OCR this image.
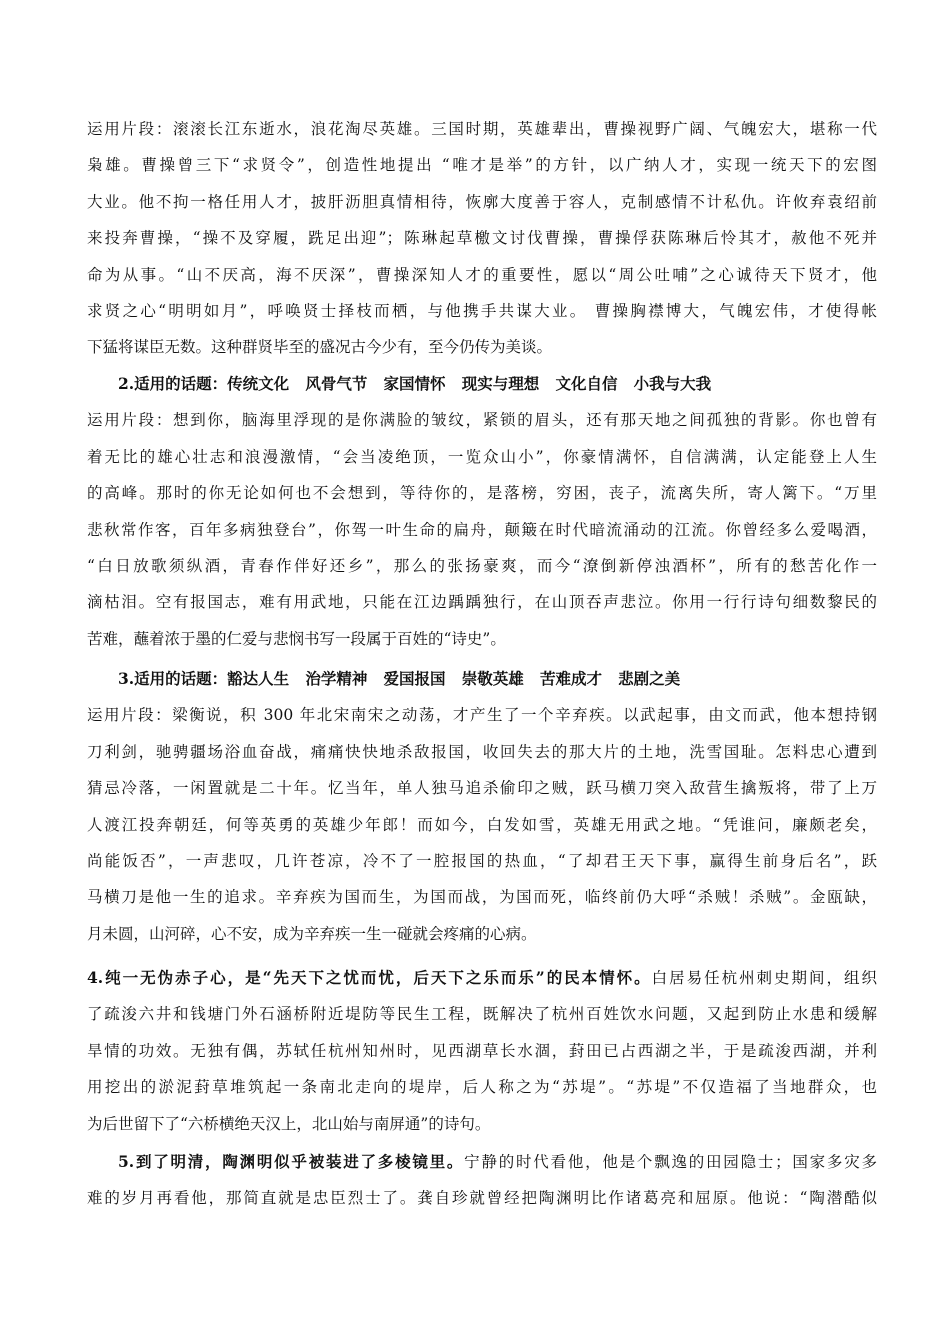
运用片段：滚滚长江东逝水，浪花淘尽英雄。三国时期，英雄辈出，曹操视野广阔、气魄宏大，堪称一代
枭雄。曹操曾三下“求贤令”，创造性地提出 “唯才是举”的方针，以广纳人才，实现一统天下的宏图
大业。他不拘一格任用人才，披肝沥胆真情相待，恢廓大度善于容人，克制感情不计私仇。许攸弃袁绍前
来投奔曹操，“操不及穿履，跣足出迎”；陈琳起草檄文讨伐曹操，曹操俘获陈琳后怜其才，赦他不死并
命为从事。“山不厌高，海不厌深”，曹操深知人才的重要性，愿以“周公吐哺”之心诚待天下贤才，他
求贤之心“明明如月”，呼唤贤士择枝而栖，与他携手共谋大业。 曹操胸襟博大，气魄宏伟，才使得帐
下猛将谋臣无数。这种群贤毕至的盛况古今少有，至今仍传为美谈。
2.适用的话题：传统文化   风骨气节   家国情怀   现实与理想   文化自信   小我与大我
运用片段：想到你，脑海里浮现的是你满脸的皱纹，紧锁的眉头，还有那天地之间孤独的背影。你也曾有
着无比的雄心壮志和浪漫激情，“会当凌绝顶，一览众山小”，你豪情满怀，自信满满，认定能登上人生
的高峰。那时的你无论如何也不会想到，等待你的，是落榜，穷困，丧子，流离失所，寄人篱下。“万里
悲秋常作客，百年多病独登台”，你驾一叶生命的扁舟，颠簸在时代暗流涌动的江流。你曾经多么爱喝酒，
“白日放歌须纵酒，青春作伴好还乡”，那么的张扬豪爽，而今“潦倒新停浊酒杯”，所有的愁苦化作一
滴枯泪。空有报国志，难有用武地，只能在江边踽踽独行，在山顶吞声悲泣。你用一行行诗句细数黎民的
苦难，蘸着浓于墨的仁爱与悲悯书写一段属于百姓的“诗史”。
3.适用的话题：豁达人生   治学精神   爱国报国   崇敬英雄   苦难成才   悲剧之美
运用片段：梁衡说，积 300 年北宋南宋之动荡，才产生了一个辛弃疾。以武起事，由文而武，他本想持钢
刀利剑，驰骋疆场浴血奋战，痛痛快快地杀敌报国，收回失去的那大片的土地，洗雪国耻。怎料忠心遭到
猜忌冷落，一闲置就是二十年。忆当年，单人独马追杀偷印之贼，跃马横刀突入敌营生擒叛将，带了上万
人渡江投奔朝廷，何等英勇的英雄少年郎！而如今，白发如雪，英雄无用武之地。“凭谁问，廉颇老矣，
尚能饭否”，一声悲叹，几许苍凉，冷不了一腔报国的热血，“了却君王天下事，赢得生前身后名”，跃
马横刀是他一生的追求。辛弃疾为国而生，为国而战，为国而死，临终前仍大呼“杀贼！杀贼”。金瓯缺，
月未圆，山河碎，心不安，成为辛弃疾一生一碰就会疼痛的心病。
4.纯一无伪赤子心，是“先天下之忧而忧，后天下之乐而乐”的民本情怀。白居易任杭州刺史期间，组织
了疏浚六井和钱塘门外石涵桥附近堤防等民生工程，既解决了杭州百姓饮水问题，又起到防止水患和缓解
旱情的功效。无独有偶，苏轼任杭州知州时，见西湖草长水涸，葑田已占西湖之半，于是疏浚西湖，并利
用挖出的淤泥葑草堆筑起一条南北走向的堤岸，后人称之为“苏堤”。“苏堤”不仅造福了当地群众，也
为后世留下了“六桥横绝天汉上，北山始与南屏通”的诗句。
5.到了明清，陶渊明似乎被装进了多棱镜里。宁静的时代看他，他是个飘逸的田园隐士；国家多灾多
难的岁月再看他，那简直就是忠臣烈士了。龚自珍就曾经把陶渊明比作诸葛亮和屈原。他说：“陶潜酷似
